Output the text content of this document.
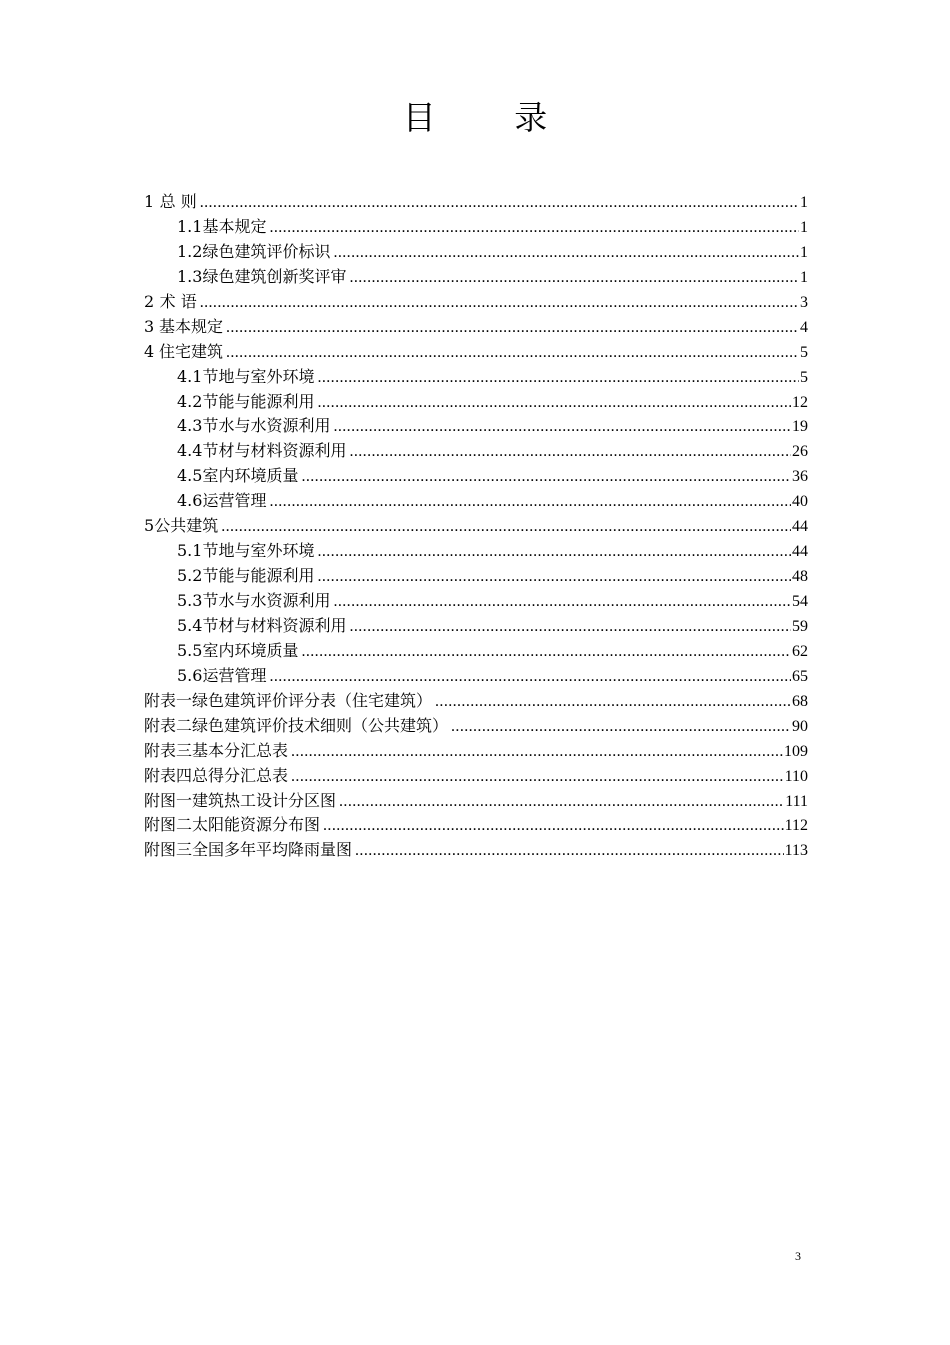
目 录
1 总 则 .....	1
1.1 基本规定 .....	1
1.2 绿色建筑评价标识 .....	1
1.3 绿色建筑创新奖评审 .....	1
2 术 语 .....	3
3 基本规定 .....	4
4 住宅建筑 .....	5
4.1 节地与室外环境 .....	5
4.2 节能与能源利用 .....	12
4.3 节水与水资源利用 .....	19
4.4 节材与材料资源利用 .....	26
4.5 室内环境质量 .....	36
4.6 运营管理 .....	40
5 公共建筑 .....	44
5.1 节地与室外环境 .....	44
5.2 节能与能源利用 .....	48
5.3 节水与水资源利用 .....	54
5.4 节材与材料资源利用 .....	59
5.5 室内环境质量 .....	62
5.6 运营管理 .....	65
附表一 绿色建筑评价评分表（住宅建筑） .....	68
附表二 绿色建筑评价技术细则（公共建筑） .....	90
附表三 基本分汇总表 .....	109
附表四 总得分汇总表 .....	110
附图一 建筑热工设计分区图 .....	111
附图二 太阳能资源分布图 .....	112
附图三 全国多年平均降雨量图 .....	113
3
